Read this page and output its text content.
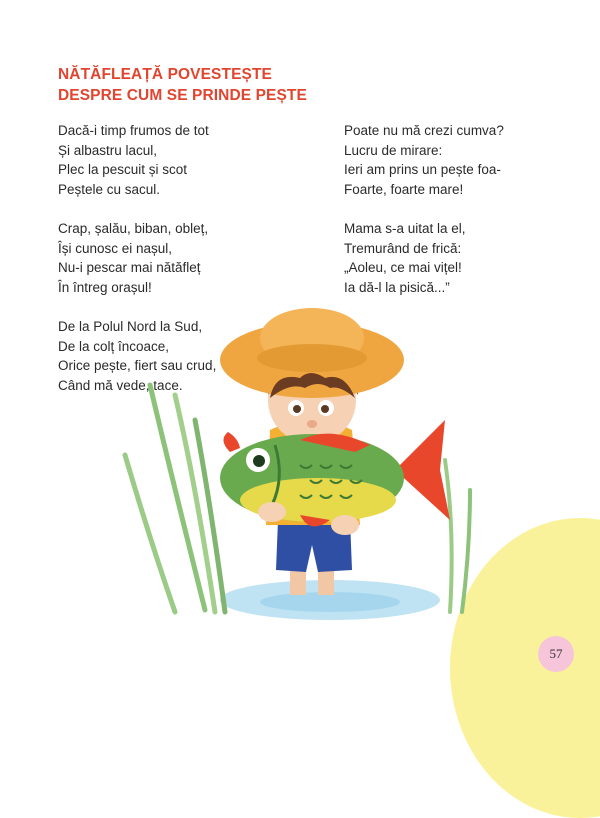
NĂTĂFLEAȚĂ POVESTEȘTE
DESPRE CUM SE PRINDE PEȘTE
Dacă-i timp frumos de tot
Și albastru lacul,
Plec la pescuit și scot
Peștele cu sacul.
Crap, șalău, biban, obleț,
Își cunosc ei nașul,
Nu-i pescar mai nătăfleț
În întreg orașul!
De la Polul Nord la Sud,
De la colț încoace,
Orice pește, fiert sau crud,
Când mă vede, tace.
Poate nu mă crezi cumva?
Lucru de mirare:
Ieri am prins un pește foa-
Foarte, foarte mare!
Mama s-a uitat la el,
Tremurând de frică:
„Aoleu, ce mai vițel!
Ia dă-l la pisică...”
57
